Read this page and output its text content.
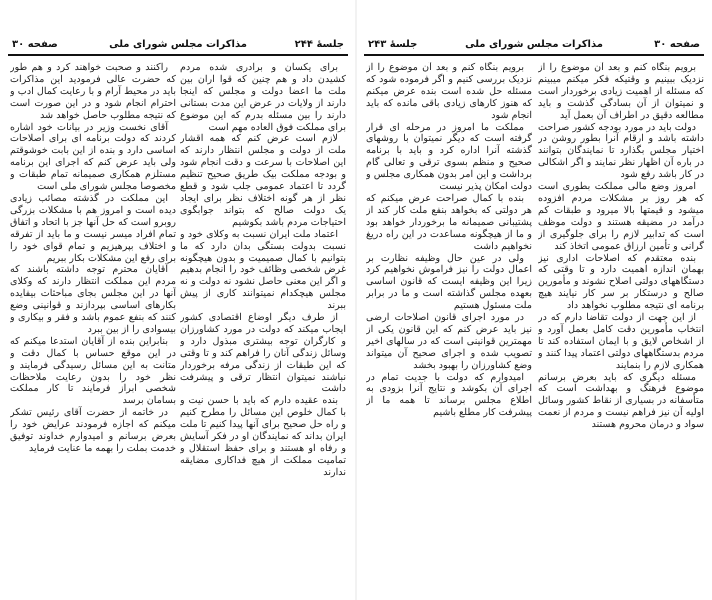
جلسهٔ ۲۴۴
مذاکرات مجلس شورای ملی
صفحه ۳۰

برای یکسان و برادری شده مردم کشیدن داد و هم چنین که قوا اران بین ملت ما اعضا دولت و مجلس که اینجا دارند از ولایات در عرض این مدت بستانی دارند را بین مسئله بدرم که این موضوع برای مملکت فوق العاده مهم است

لازم است عرض کنم که همه اقشار ملت از دولت و مجلس انتظار دارند که این اصلاحات با سرعت و دقت انجام شود و بودجه مملکت بیک طریق صحیح تنظیم گردد تا اعتماد عمومی جلب شود و قطع نظر از هر گونه اختلاف نظر برای ایجاد یک دولت صالح که بتواند جوابگوی احتیاجات مردم باشد بکوشیم

اعتماد ملت ایران نسبت به وکلای خود و نسبت بدولت بستگی بدان دارد که ما بتوانیم با کمال صمیمیت و بدون هیچگونه غرض شخصی وظائف خود را انجام بدهیم و اگر این معنی حاصل نشود نه دولت و نه مجلس هیچکدام نمیتوانند کاری از پیش ببرند

از طرف دیگر اوضاع اقتصادی کشور ایجاب میکند که دولت در مورد کشاورزان و کارگران توجه بیشتری مبذول دارد و وسائل زندگی آنان را فراهم کند و تا وقتی که این طبقات از زندگی مرفه برخوردار نباشند نمیتوان انتظار ترقی و پیشرفت داشت

بنده عقیده دارم که باید با حسن نیت و با کمال خلوص این مسائل را مطرح کنیم و راه حل صحیح برای آنها پیدا کنیم تا ملت ایران بداند که نمایندگان او در فکر آسایش و رفاه او هستند و برای حفظ استقلال و تمامیت مملکت از هیچ فداکاری مضایقه ندارند

راکنند و صحبت خواهند کرد و هم طور که حضرت عالی فرمودید این مذاکرات باید در محیط آرام و با رعایت کمال ادب و احترام انجام شود و در این صورت است که نتیجه مطلوب حاصل خواهد شد

آقای نخست وزیر در بیانات خود اشاره کردند که دولت برنامه ای برای اصلاحات اساسی دارد و بنده از این بابت خوشوقتم ولی باید عرض کنم که اجرای این برنامه مستلزم همکاری صمیمانه تمام طبقات و مخصوصا مجلس شورای ملی است

این مملکت در گذشته مصائب زیادی دیده است و امروز هم با مشکلات بزرگی روبرو است که حل آنها جز با اتحاد و اتفاق تمام افراد میسر نیست و ما باید از تفرقه و اختلاف بپرهیزیم و تمام قوای خود را برای رفع این مشکلات بکار ببریم

آقایان محترم توجه داشته باشند که مردم این مملکت انتظار دارند که وکلای آنها در این مجلس بجای مباحثات بیفایده بکارهای اساسی بپردازند و قوانینی وضع کنند که بنفع عموم باشد و فقر و بیکاری و بیسوادی را از بین ببرد

بنابراین بنده از آقایان استدعا میکنم که در این موقع حساس با کمال دقت و متانت به این مسائل رسیدگی فرمایند و نظر خود را بدون رعایت ملاحظات شخصی ابراز فرمایند تا کار مملکت بسامان برسد

در خاتمه از حضرت آقای رئیس تشکر میکنم که اجازه فرمودند عرایض خود را بعرض برسانم و امیدوارم خداوند توفیق خدمت بملت را بهمه ما عنایت فرماید

جلسهٔ ۲۴۳	مذاکرات مجلس شورای ملی	صفحه ۳۰

برویم بنگاه کنم و بعد آن موضوع را از نزدیک ببینیم و وقتیکه فکر میکنم میبینم که مسئله از اهمیت زیادی برخوردار است و نمیتوان از آن بسادگی گذشت و باید مطالعه دقیق در اطراف آن بعمل آید

دولت باید در مورد بودجه کشور صراحت داشته باشد و ارقام آنرا بطور روشن در اختیار مجلس بگذارد تا نمایندگان بتوانند در باره آن اظهار نظر نمایند و اگر اشکالی در کار باشد رفع شود

امروز وضع مالی مملکت بطوری است که هر روز بر مشکلات مردم افزوده میشود و قیمتها بالا میرود و طبقات کم درآمد در مضیقه هستند و دولت موظف است که تدابیر لازم را برای جلوگیری از گرانی و تأمین ارزاق عمومی اتخاذ کند

بنده معتقدم که اصلاحات اداری نیز بهمان اندازه اهمیت دارد و تا وقتی که دستگاههای دولتی اصلاح نشوند و مأمورین صالح و درستکار بر سر کار نیایند هیچ برنامه ای نتیجه مطلوب نخواهد داد

از این جهت از دولت تقاضا دارم که در انتخاب مأمورین دقت کامل بعمل آورد و از اشخاص لایق و با ایمان استفاده کند تا مردم بدستگاههای دولتی اعتماد پیدا کنند و همکاری لازم را بنمایند

مسئله دیگری که باید بعرض برسانم موضوع فرهنگ و بهداشت است که متأسفانه در بسیاری از نقاط کشور وسائل اولیه آن نیز فراهم نیست و مردم از نعمت سواد و درمان محروم هستند

برویم بنگاه کنم و بعد آن موضوع را از نزدیک بررسی کنیم و اگر فرموده شود که مسئله حل شده است بنده عرض میکنم که هنوز کارهای زیادی باقی مانده که باید انجام شود

مملکت ما امروز در مرحله ای قرار گرفته است که دیگر نمیتوان با روشهای گذشته آنرا اداره کرد و باید با برنامه صحیح و منظم بسوی ترقی و تعالی گام برداشت و این امر بدون همکاری مجلس و دولت امکان پذیر نیست

بنده با کمال صراحت عرض میکنم که هر دولتی که بخواهد بنفع ملت کار کند از پشتیبانی صمیمانه ما برخوردار خواهد بود و ما از هیچگونه مساعدت در این راه دریغ نخواهیم داشت

ولی در عین حال وظیفه نظارت بر اعمال دولت را نیز فراموش نخواهیم کرد زیرا این وظیفه ایست که قانون اساسی بعهده مجلس گذاشته است و ما در برابر ملت مسئول هستیم

در مورد اجرای قانون اصلاحات ارضی نیز باید عرض کنم که این قانون یکی از مهمترین قوانینی است که در سالهای اخیر تصویب شده و اجرای صحیح آن میتواند وضع کشاورزان را بهبود بخشد

امیدوارم که دولت با جدیت تمام در اجرای آن بکوشد و نتایج آنرا بزودی به اطلاع مجلس برساند تا همه ما از پیشرفت کار مطلع باشیم
